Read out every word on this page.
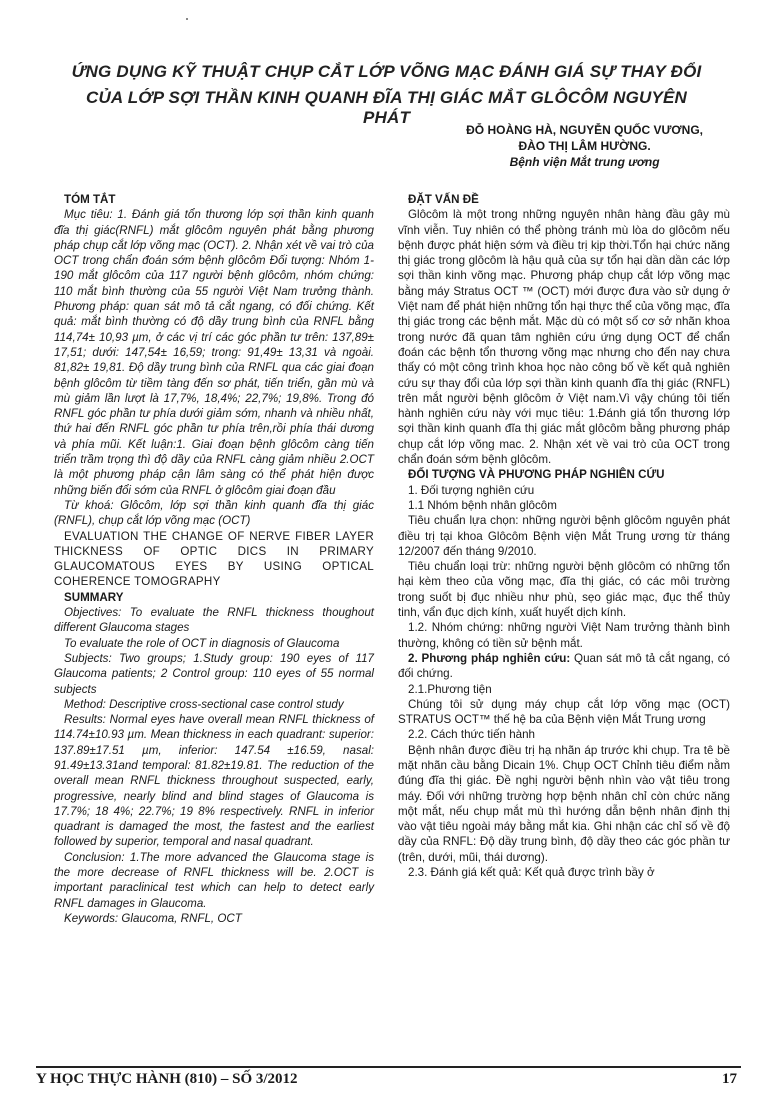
ỨNG DỤNG KỸ THUẬT CHỤP CẮT LỚP VÕNG MẠC ĐÁNH GIÁ SỰ THAY ĐỔI
CỦA LỚP SỢI THẦN KINH QUANH ĐĨA THỊ GIÁC MẮT GLÔCÔM NGUYÊN PHÁT
ĐỖ HOÀNG HÀ, NGUYỄN QUỐC VƯƠNG,
ĐÀO THỊ LÂM HƯỜNG.
Bệnh viện Mắt trung ương

TÓM TẮT

Mục tiêu: 1. Đánh giá tổn thương lớp sợi thần kinh quanh đĩa thị giác(RNFL) mắt glôcôm nguyên phát bằng phương pháp chụp cắt lớp võng mạc (OCT). 2. Nhận xét về vai trò của OCT trong chẩn đoán sớm bệnh glôcôm Đối tượng: Nhóm 1- 190 mắt glôcôm của 117 người bệnh glôcôm, nhóm chứng: 110 mắt bình thường của 55 người Việt Nam trưởng thành. Phương pháp: quan sát mô tả cắt ngang, có đối chứng. Kết quả: mắt bình thường có độ dầy trung bình của RNFL bằng 114,74± 10,93 µm, ở các vị trí các góc phần tư trên: 137,89± 17,51; dưới: 147,54± 16,59; trong: 91,49± 13,31 và ngoài. 81,82± 19,81. Độ dầy trung bình của RNFL qua các giai đoạn bệnh glôcôm từ tiềm tàng đến sơ phát, tiến triển, gần mù và mù giảm lần lượt là 17,7%, 18,4%; 22,7%; 19,8%. Trong đó RNFL góc phần tư phía dưới giảm sớm, nhanh và nhiều nhất, thứ hai đến RNFL góc phần tư phía trên,rồi phía thái dương và phía mũi. Kết luận:1. Giai đoạn bệnh glôcôm càng tiến triển trầm trọng thì độ dầy của RNFL càng giảm nhiều 2.OCT là một phương pháp cận lâm sàng có thể phát hiện được những biến đổi sớm của RNFL ở glôcôm giai đoạn đầu

Từ khoá: Glôcôm, lớp sợi thần kinh quanh đĩa thị giác (RNFL), chụp cắt lớp võng mạc (OCT)

EVALUATION THE CHANGE OF NERVE FIBER LAYER THICKNESS OF OPTIC DICS IN PRIMARY GLAUCOMATOUS EYES BY USING OPTICAL COHERENCE TOMOGRAPHY

SUMMARY

Objectives: To evaluate the RNFL thickness thoughout different Glaucoma stages

To evaluate the role of OCT in diagnosis of Glaucoma

Subjects: Two groups; 1.Study group: 190 eyes of 117 Glaucoma patients; 2 Control group: 110 eyes of 55 normal subjects

Method: Descriptive cross-sectional case control study

Results: Normal eyes have overall mean RNFL thickness of 114.74±10.93 µm. Mean thickness in each quadrant: superior: 137.89±17.51 µm, inferior: 147.54 ±16.59, nasal: 91.49±13.31and temporal: 81.82±19.81. The reduction of the overall mean RNFL thickness throughout suspected, early, progressive, nearly blind and blind stages of Glaucoma is 17.7%; 18 4%; 22.7%; 19 8% respectively. RNFL in inferior quadrant is damaged the most, the fastest and the earliest followed by superior, temporal and nasal quadrant.

Conclusion: 1.The more advanced the Glaucoma stage is the more decrease of RNFL thickness will be. 2.OCT is important paraclinical test which can help to detect early RNFL damages in Glaucoma.

Keywords: Glaucoma, RNFL, OCT

ĐẶT VẤN ĐỀ

Glôcôm là một trong những nguyên nhân hàng đầu gây mù vĩnh viễn. Tuy nhiên có thể phòng tránh mù lòa do glôcôm nếu bệnh được phát hiện sớm và điều trị kịp thời.Tổn hại chức năng thị giác trong glôcôm là hậu quả của sự tổn hại dần dần các lớp sợi thần kinh võng mạc. Phương pháp chụp cắt lớp võng mạc bằng máy Stratus OCT ™ (OCT) mới được đưa vào sử dụng ở Việt nam để phát hiện những tổn hại thực thể của võng mạc, đĩa thị giác trong các bệnh mắt. Mặc dù có một số cơ sở nhãn khoa trong nước đã quan tâm nghiên cứu ứng dụng OCT để chẩn đoán các bệnh tổn thương võng mạc nhưng cho đến nay chưa thấy có một công trình khoa học nào công bố về kết quả nghiên cứu sự thay đổi của lớp sợi thần kinh quanh đĩa thị giác (RNFL) trên mắt người bệnh glôcôm ở Việt nam.Vì vậy chúng tôi tiến hành nghiên cứu này với mục tiêu: 1.Đánh giá tổn thương lớp sợi thần kinh quanh đĩa thị giác mắt glôcôm bằng phương pháp chụp cắt lớp võng mac. 2. Nhận xét về vai trò của OCT trong chẩn đoán sớm bệnh glôcôm.

ĐỐI TƯỢNG VÀ PHƯƠNG PHÁP NGHIÊN CỨU

1. Đối tượng nghiên cứu

1.1 Nhóm bệnh nhân glôcôm

Tiêu chuẩn lựa chọn: những người bệnh glôcôm nguyên phát điều trị tại khoa Glôcôm Bệnh viện Mắt Trung ương từ tháng 12/2007 đến tháng 9/2010.

Tiêu chuẩn loại trừ: những người bệnh glôcôm có những tổn hại kèm theo của võng mạc, đĩa thị giác, có các môi trường trong suốt bị đục nhiều như phù, sẹo giác mạc, đục thể thủy tinh, vẩn đục dịch kính, xuất huyết dịch kính.

1.2. Nhóm chứng: những người Việt Nam trưởng thành bình thường, không có tiền sử bệnh mắt.

2. Phương pháp nghiên cứu: Quan sát mô tả cắt ngang, có đối chứng.

2.1.Phương tiện

Chúng tôi sử dụng máy chụp cắt lớp võng mạc (OCT) STRATUS OCT™ thế hệ ba của Bệnh viện Mắt Trung ương

2.2. Cách thức tiến hành

Bệnh nhân được điều trị hạ nhãn áp trước khi chụp. Tra tê bề mặt nhãn cầu bằng Dicain 1%. Chụp OCT Chỉnh tiêu điểm nằm đúng đĩa thị giác. Đề nghị người bệnh nhìn vào vật tiêu trong máy. Đối với những trường hợp bệnh nhân chỉ còn chức năng một mắt, nếu chụp mắt mù thì hướng dẫn bệnh nhân định thị vào vật tiêu ngoài máy bằng mắt kia. Ghi nhận các chỉ số về độ dầy của RNFL: Độ dầy trung bình, độ dầy theo các góc phần tư (trên, dưới, mũi, thái dương).

2.3. Đánh giá kết quả: Kết quả được trình bầy ở

Y HỌC THỰC HÀNH (810) – SỐ 3/2012	17
